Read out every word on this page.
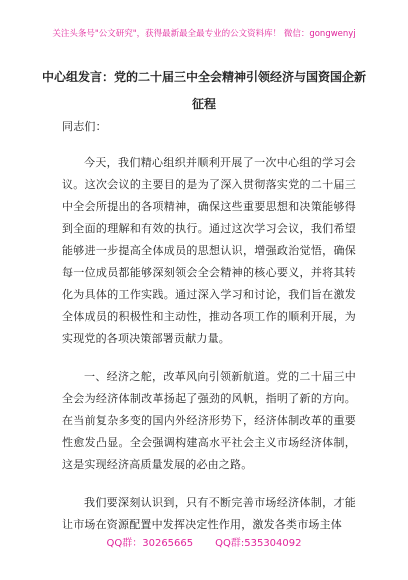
关注头条号"公文研究"，获得最新最全最专业的公文资料库！ 微信：gongwenyj
中心组发言：党的二十届三中全会精神引领经济与国资国企新征程

同志们：

今天，我们精心组织并顺利开展了一次中心组的学习会议。这次会议的主要目的是为了深入贯彻落实党的二十届三中全会所提出的各项精神，确保这些重要思想和决策能够得到全面的理解和有效的执行。通过这次学习会议，我们希望能够进一步提高全体成员的思想认识，增强政治觉悟，确保每一位成员都能够深刻领会全会精神的核心要义，并将其转化为具体的工作实践。通过深入学习和讨论，我们旨在激发全体成员的积极性和主动性，推动各项工作的顺利开展，为实现党的各项决策部署贡献力量。

一、经济之舵，改革风向引领新航道。党的二十届三中全会为经济体制改革扬起了强劲的风帆，指明了新的方向。在当前复杂多变的国内外经济形势下，经济体制改革的重要性愈发凸显。全会强调构建高水平社会主义市场经济体制，这是实现经济高质量发展的必由之路。

我们要深刻认识到，只有不断完善市场经济体制，才能让市场在资源配置中发挥决定性作用，激发各类市场主体

QQ群：30265665 QQ群:535304092
